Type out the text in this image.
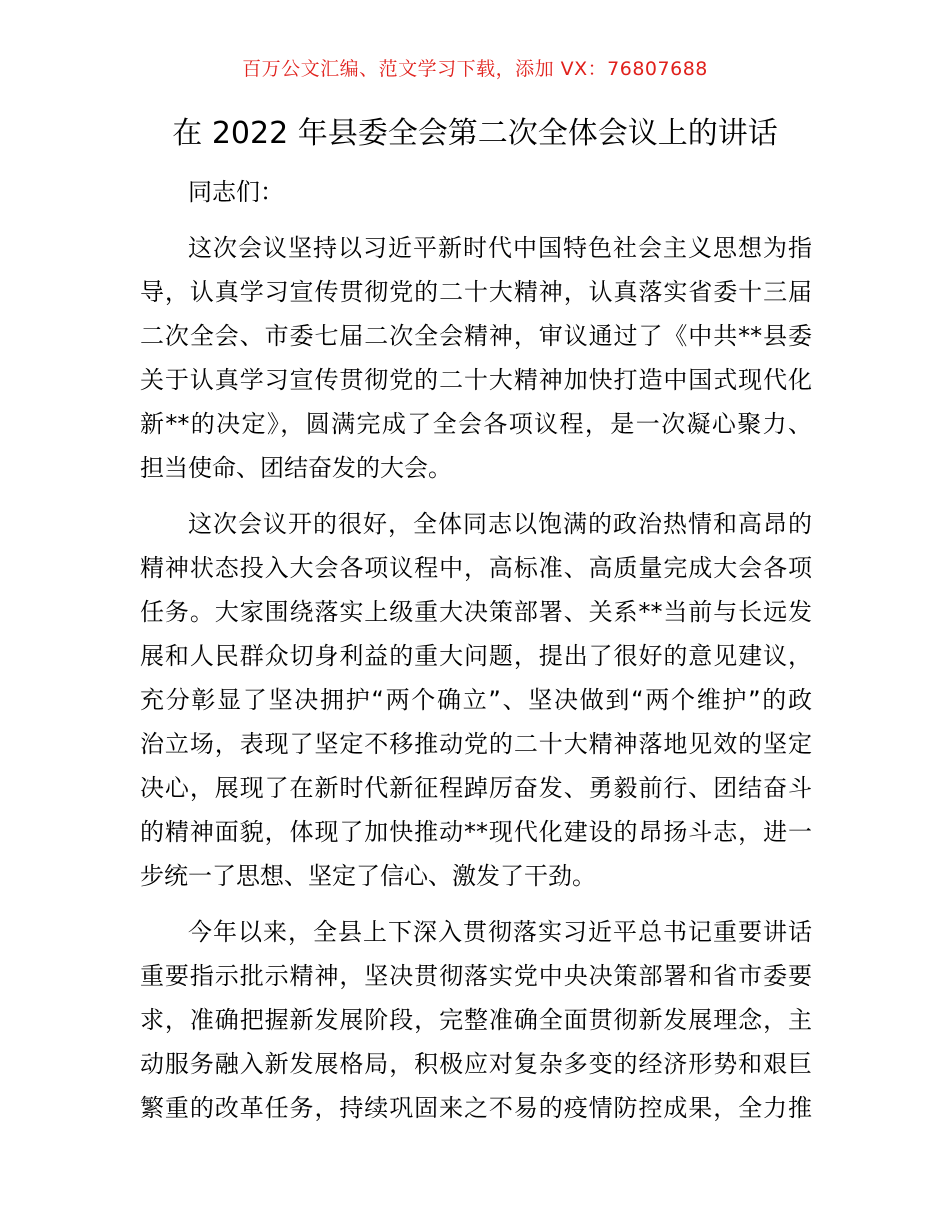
百万公文汇编、范文学习下载，添加 VX：76807688
在 2022 年县委全会第二次全体会议上的讲话
同志们：
这次会议坚持以习近平新时代中国特色社会主义思想为指
导，认真学习宣传贯彻党的二十大精神，认真落实省委十三届
二次全会、市委七届二次全会精神，审议通过了《中共**县委
关于认真学习宣传贯彻党的二十大精神加快打造中国式现代化
新**的决定》，圆满完成了全会各项议程，是一次凝心聚力、
担当使命、团结奋发的大会。
这次会议开的很好，全体同志以饱满的政治热情和高昂的
精神状态投入大会各项议程中，高标准、高质量完成大会各项
任务。大家围绕落实上级重大决策部署、关系**当前与长远发
展和人民群众切身利益的重大问题，提出了很好的意见建议，
充分彰显了坚决拥护“两个确立”、坚决做到“两个维护”的政
治立场，表现了坚定不移推动党的二十大精神落地见效的坚定
决心，展现了在新时代新征程踔厉奋发、勇毅前行、团结奋斗
的精神面貌，体现了加快推动**现代化建设的昂扬斗志，进一
步统一了思想、坚定了信心、激发了干劲。
今年以来，全县上下深入贯彻落实习近平总书记重要讲话
重要指示批示精神，坚决贯彻落实党中央决策部署和省市委要
求，准确把握新发展阶段，完整准确全面贯彻新发展理念，主
动服务融入新发展格局，积极应对复杂多变的经济形势和艰巨
繁重的改革任务，持续巩固来之不易的疫情防控成果，全力推
